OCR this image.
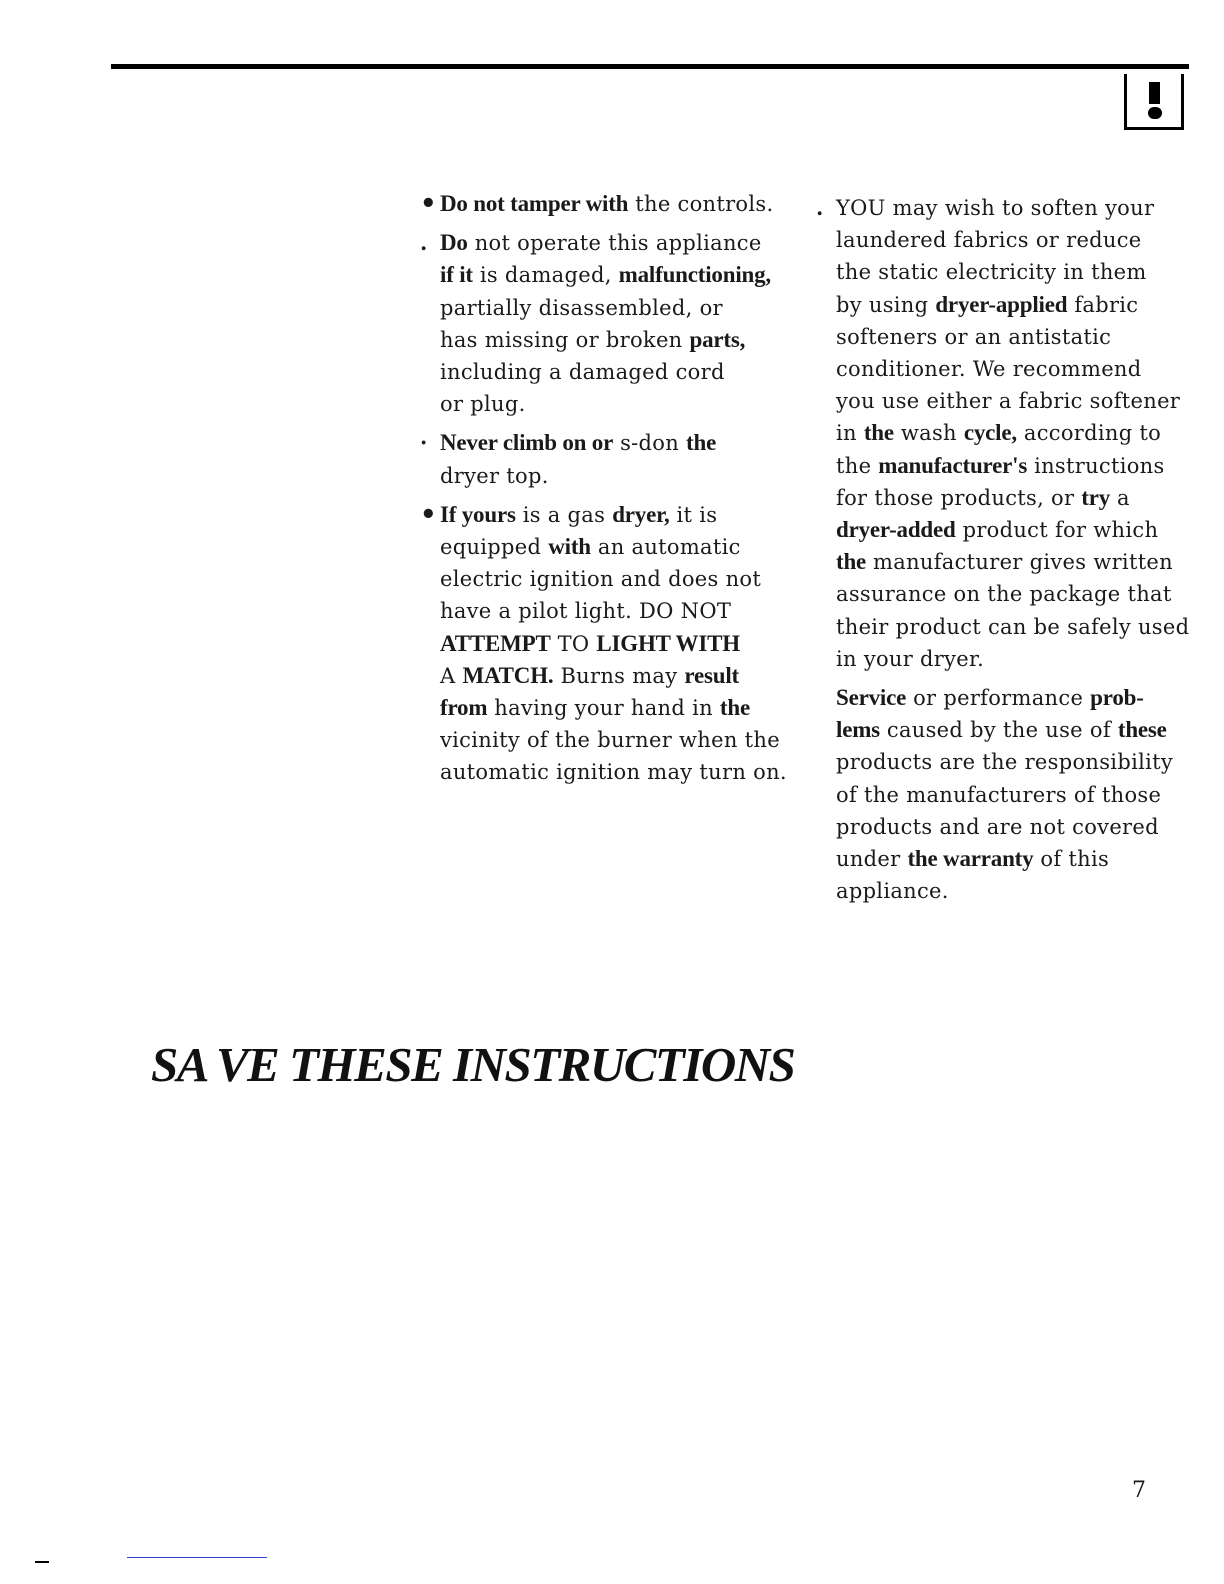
• Do not tamper with the controls.
. Do not operate this appliance
if it is damaged, malfunctioning,
partially disassembled, or
has missing or broken parts,
including a damaged cord
or plug.
· Never climb on or s-don the
dryer top.
• If yours is a gas dryer, it is
equipped with an automatic
electric ignition and does not
have a pilot light. DO NOT
ATTEMPT TO LIGHT WITH
A MATCH. Burns may result
from having your hand in the
vicinity of the burner when the
automatic ignition may turn on.
. YOU may wish to soften your
laundered fabrics or reduce
the static electricity in them
by using dryer-applied fabric
softeners or an antistatic
conditioner. We recommend
you use either a fabric softener
in the wash cycle, according to
the manufacturer's instructions
for those products, or try a
dryer-added product for which
the manufacturer gives written
assurance on the package that
their product can be safely used
in your dryer.
Service or performance prob-
lems caused by the use of these
products are the responsibility
of the manufacturers of those
products and are not covered
under the warranty of this
appliance.
SA VE THESE INSTRUCTIONS
7
